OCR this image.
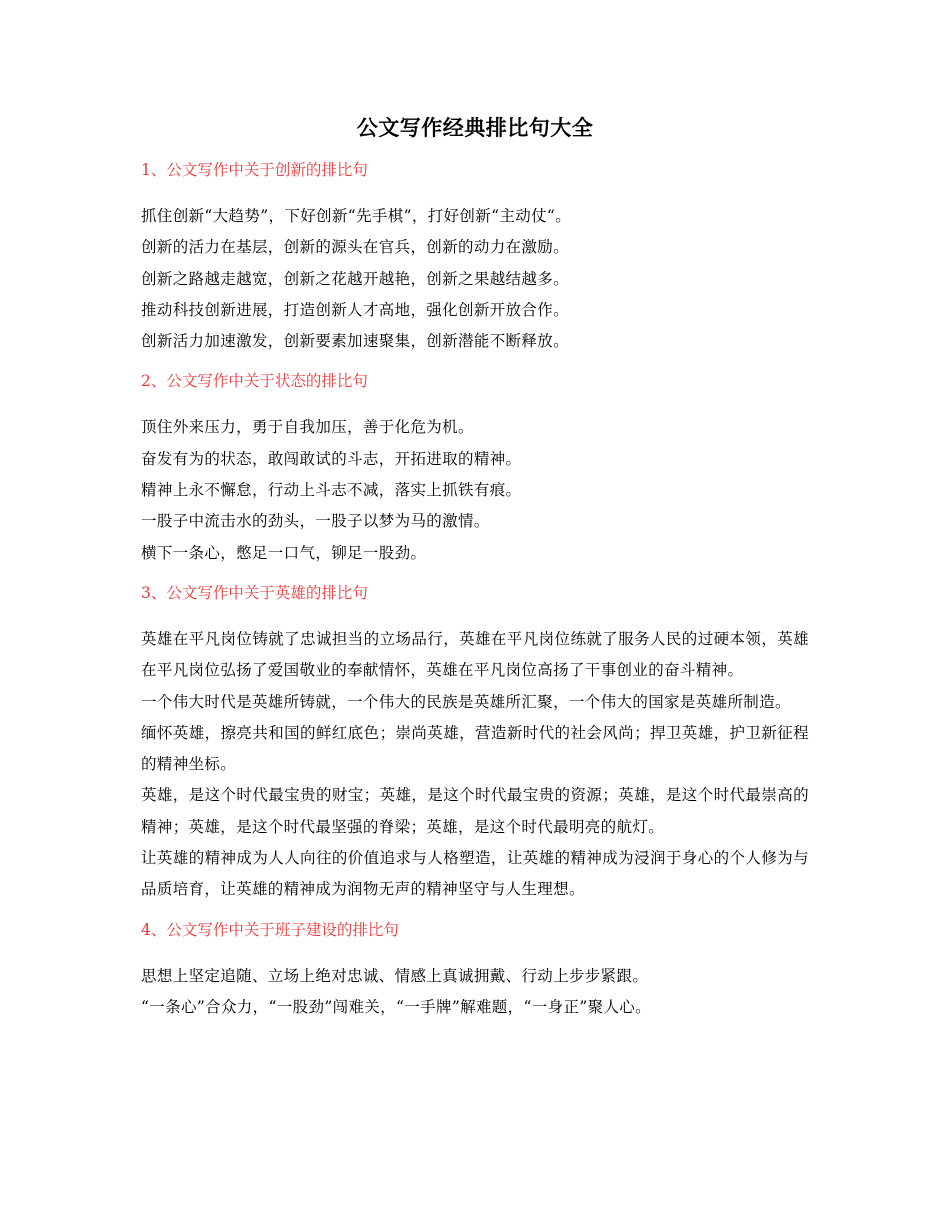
公文写作经典排比句大全

1、公文写作中关于创新的排比句

抓住创新“大趋势”，下好创新“先手棋”，打好创新“主动仗“。

创新的活力在基层，创新的源头在官兵，创新的动力在激励。

创新之路越走越宽，创新之花越开越艳，创新之果越结越多。

推动科技创新进展，打造创新人才高地，强化创新开放合作。

创新活力加速激发，创新要素加速聚集，创新潜能不断释放。

2、公文写作中关于状态的排比句

顶住外来压力，勇于自我加压，善于化危为机。

奋发有为的状态，敢闯敢试的斗志，开拓进取的精神。

精神上永不懈怠，行动上斗志不减，落实上抓铁有痕。

一股子中流击水的劲头，一股子以梦为马的激情。

横下一条心，憋足一口气，铆足一股劲。

3、公文写作中关于英雄的排比句

英雄在平凡岗位铸就了忠诚担当的立场品行，英雄在平凡岗位练就了服务人民的过硬本领，英雄在平凡岗位弘扬了爱国敬业的奉献情怀，英雄在平凡岗位高扬了干事创业的奋斗精神。

一个伟大时代是英雄所铸就，一个伟大的民族是英雄所汇聚，一个伟大的国家是英雄所制造。

缅怀英雄，擦亮共和国的鲜红底色；崇尚英雄，营造新时代的社会风尚；捍卫英雄，护卫新征程的精神坐标。

英雄，是这个时代最宝贵的财宝；英雄，是这个时代最宝贵的资源；英雄，是这个时代最崇高的精神；英雄，是这个时代最坚强的脊梁；英雄，是这个时代最明亮的航灯。

让英雄的精神成为人人向往的价值追求与人格塑造，让英雄的精神成为浸润于身心的个人修为与品质培育，让英雄的精神成为润物无声的精神坚守与人生理想。

4、公文写作中关于班子建设的排比句

思想上坚定追随、立场上绝对忠诚、情感上真诚拥戴、行动上步步紧跟。

“一条心”合众力，“一股劲”闯难关，“一手牌”解难题，“一身正”聚人心。
